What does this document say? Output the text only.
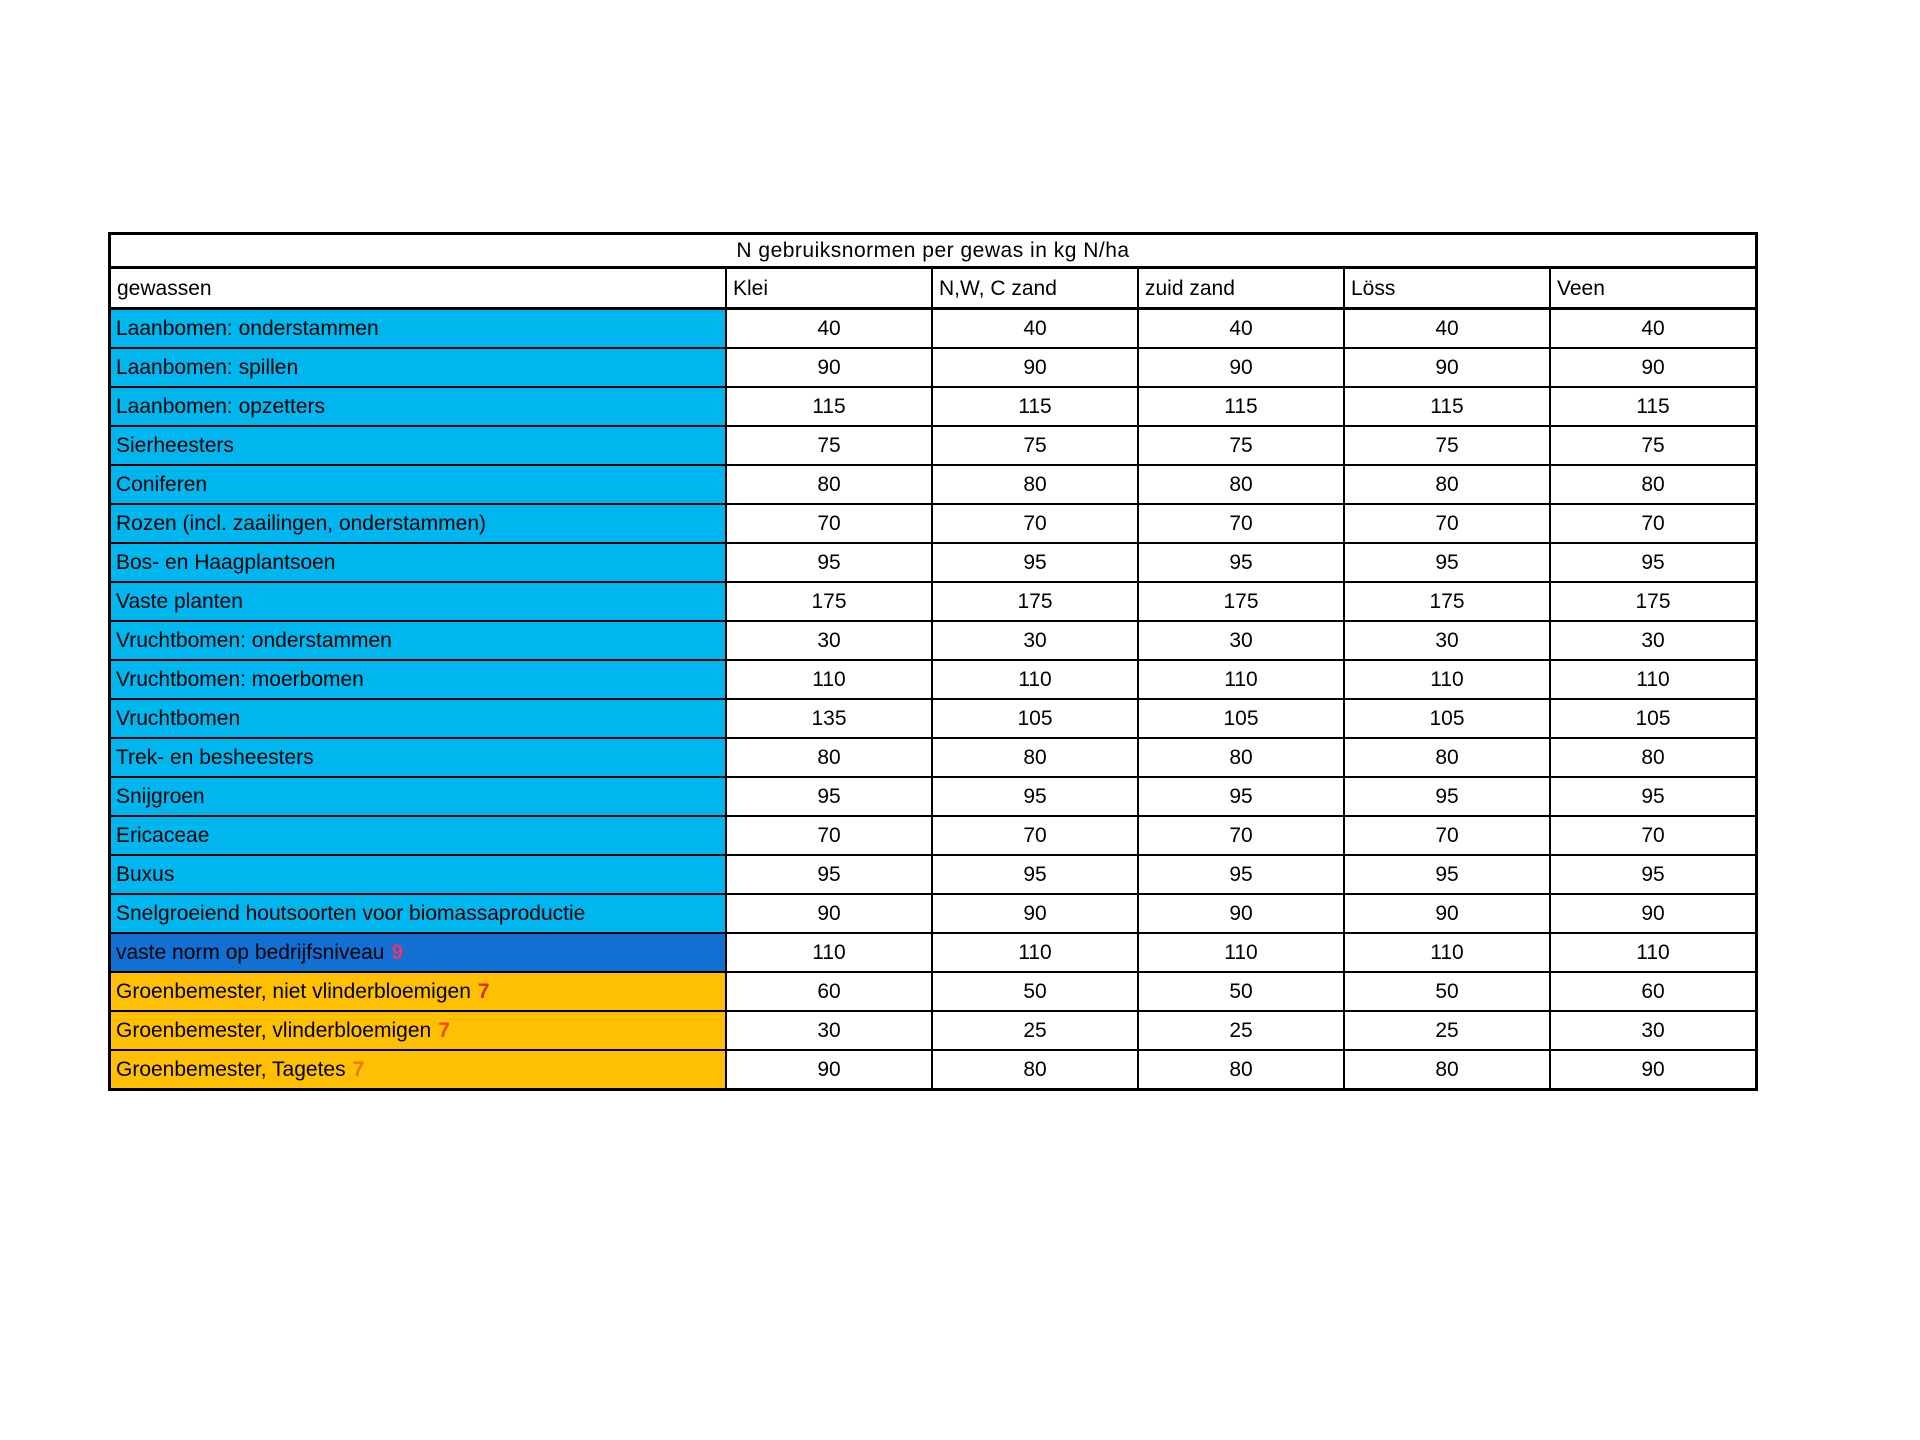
N gebruiksnormen per gewas in kg N/ha
gewassen	Klei	N,W, C zand	zuid zand	Löss	Veen
Laanbomen: onderstammen	40	40	40	40	40
Laanbomen: spillen	90	90	90	90	90
Laanbomen: opzetters	115	115	115	115	115
Sierheesters	75	75	75	75	75
Coniferen	80	80	80	80	80
Rozen (incl. zaailingen, onderstammen)	70	70	70	70	70
Bos- en Haagplantsoen	95	95	95	95	95
Vaste planten	175	175	175	175	175
Vruchtbomen: onderstammen	30	30	30	30	30
Vruchtbomen: moerbomen	110	110	110	110	110
Vruchtbomen	135	105	105	105	105
Trek- en besheesters	80	80	80	80	80
Snijgroen	95	95	95	95	95
Ericaceae	70	70	70	70	70
Buxus	95	95	95	95	95
Snelgroeiend houtsoorten voor biomassaproductie	90	90	90	90	90
vaste norm op bedrijfsniveau 9	110	110	110	110	110
Groenbemester, niet vlinderbloemigen 7	60	50	50	50	60
Groenbemester, vlinderbloemigen 7	30	25	25	25	30
Groenbemester, Tagetes 7	90	80	80	80	90
